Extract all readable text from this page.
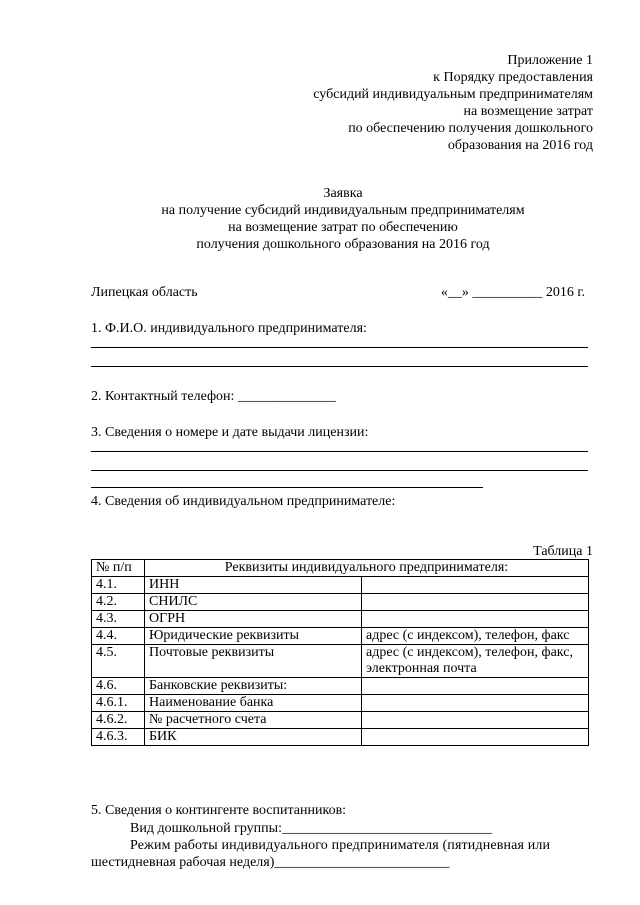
Приложение 1
к Порядку предоставления
субсидий индивидуальным предпринимателям
на возмещение затрат
по обеспечению получения дошкольного
образования на 2016 год
Заявка
на получение субсидий индивидуальным предпринимателям
на возмещение затрат по обеспечению
получения дошкольного образования на 2016 год
Липецкая область	«__» __________ 2016 г.
1. Ф.И.О. индивидуального предпринимателя:
2. Контактный телефон: ______________
3. Сведения о номере и дате выдачи лицензии:
4. Сведения об индивидуальном предпринимателе:
Таблица 1
№ п/п	Реквизиты индивидуального предпринимателя:	
4.1.	ИНН	
4.2.	СНИЛС	
4.3.	ОГРН	
4.4.	Юридические реквизиты	адрес (с индексом), телефон, факс
4.5.	Почтовые реквизиты	адрес (с индексом), телефон, факс, электронная почта
4.6.	Банковские реквизиты:	
4.6.1.	Наименование банка	
4.6.2.	№ расчетного счета	
4.6.3.	БИК	
5. Сведения о контингенте воспитанников:
Вид дошкольной группы:______________________________
Режим работы индивидуального предпринимателя (пятидневная или
шестидневная рабочая неделя)_________________________
